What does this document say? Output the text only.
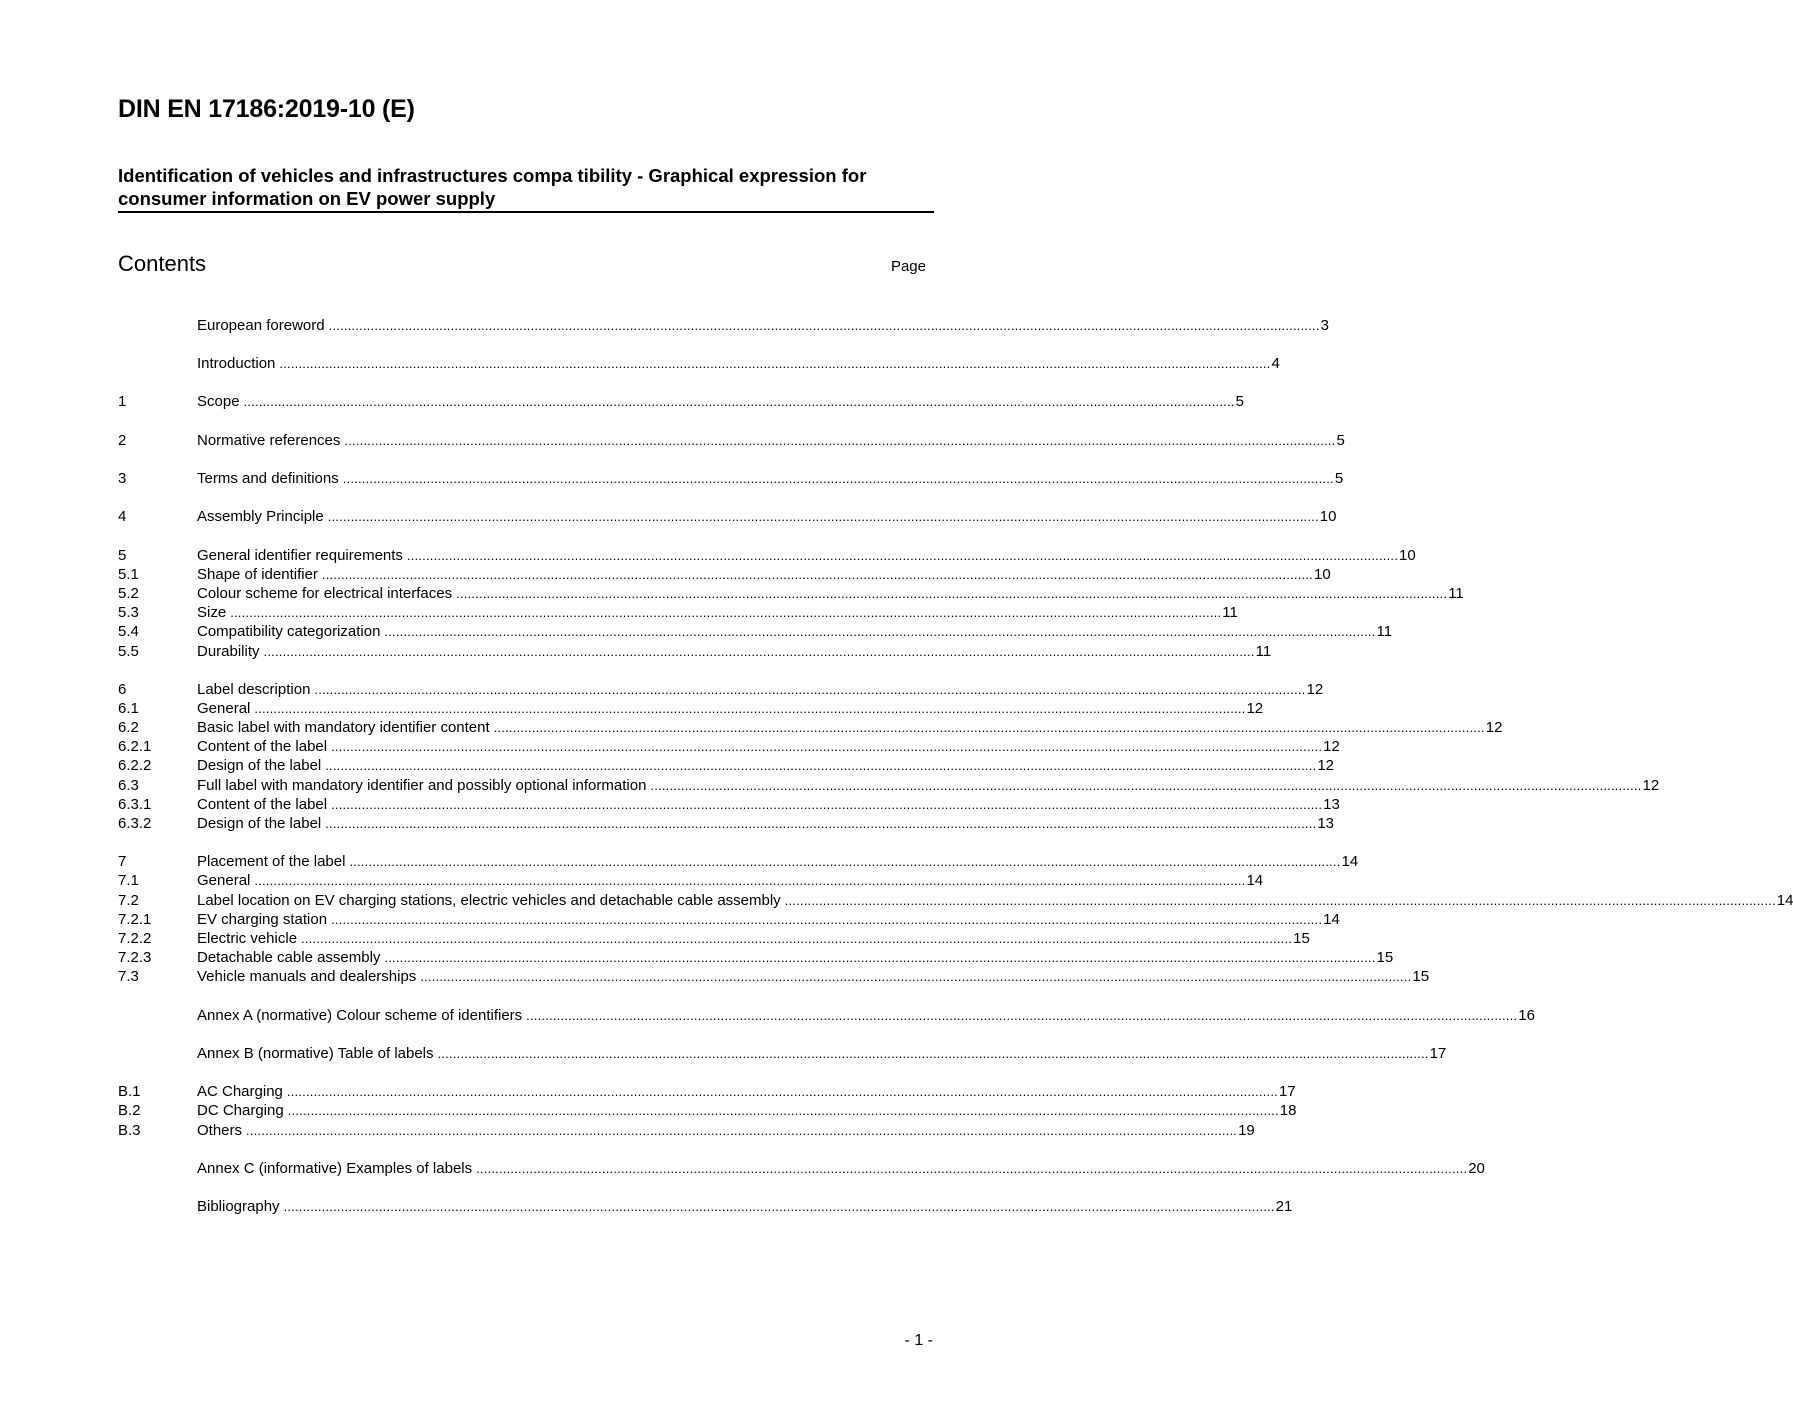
DIN EN 17186:2019-10 (E)
Identification of vehicles and infrastructures compa tibility - Graphical expression for consumer information on EV power supply
Contents	Page
European foreword .................................................................................................................................................................................................................................................................... 3
Introduction .................................................................................................................................................................................................................................................................... 4
1	Scope .................................................................................................................................................................................................................................................................... 5
2	Normative references .................................................................................................................................................................................................................................................................... 5
3	Terms and definitions .................................................................................................................................................................................................................................................................... 5
4	Assembly Principle .................................................................................................................................................................................................................................................................... 10
5	General identifier requirements .................................................................................................................................................................................................................................................................... 10
5.1	Shape of identifier .................................................................................................................................................................................................................................................................... 10
5.2	Colour scheme for electrical interfaces .................................................................................................................................................................................................................................................................... 11
5.3	Size .................................................................................................................................................................................................................................................................... 11
5.4	Compatibility categorization .................................................................................................................................................................................................................................................................... 11
5.5	Durability .................................................................................................................................................................................................................................................................... 11
6	Label description .................................................................................................................................................................................................................................................................... 12
6.1	General .................................................................................................................................................................................................................................................................... 12
6.2	Basic label with mandatory identifier content .................................................................................................................................................................................................................................................................... 12
6.2.1	Content of the label .................................................................................................................................................................................................................................................................... 12
6.2.2	Design of the label .................................................................................................................................................................................................................................................................... 12
6.3	Full label with mandatory identifier and possibly optional information .................................................................................................................................................................................................................................................................... 12
6.3.1	Content of the label .................................................................................................................................................................................................................................................................... 13
6.3.2	Design of the label .................................................................................................................................................................................................................................................................... 13
7	Placement of the label .................................................................................................................................................................................................................................................................... 14
7.1	General .................................................................................................................................................................................................................................................................... 14
7.2	Label location on EV charging stations, electric vehicles and detachable cable assembly .................................................................................................................................................................................................................................................................... 14
7.2.1	EV charging station .................................................................................................................................................................................................................................................................... 14
7.2.2	Electric vehicle .................................................................................................................................................................................................................................................................... 15
7.2.3	Detachable cable assembly .................................................................................................................................................................................................................................................................... 15
7.3	Vehicle manuals and dealerships .................................................................................................................................................................................................................................................................... 15
Annex A (normative) Colour scheme of identifiers .................................................................................................................................................................................................................................................................... 16
Annex B (normative) Table of labels .................................................................................................................................................................................................................................................................... 17
B.1	AC Charging .................................................................................................................................................................................................................................................................... 17
B.2	DC Charging .................................................................................................................................................................................................................................................................... 18
B.3	Others .................................................................................................................................................................................................................................................................... 19
Annex C (informative) Examples of labels .................................................................................................................................................................................................................................................................... 20
Bibliography .................................................................................................................................................................................................................................................................... 21
- 1 -
